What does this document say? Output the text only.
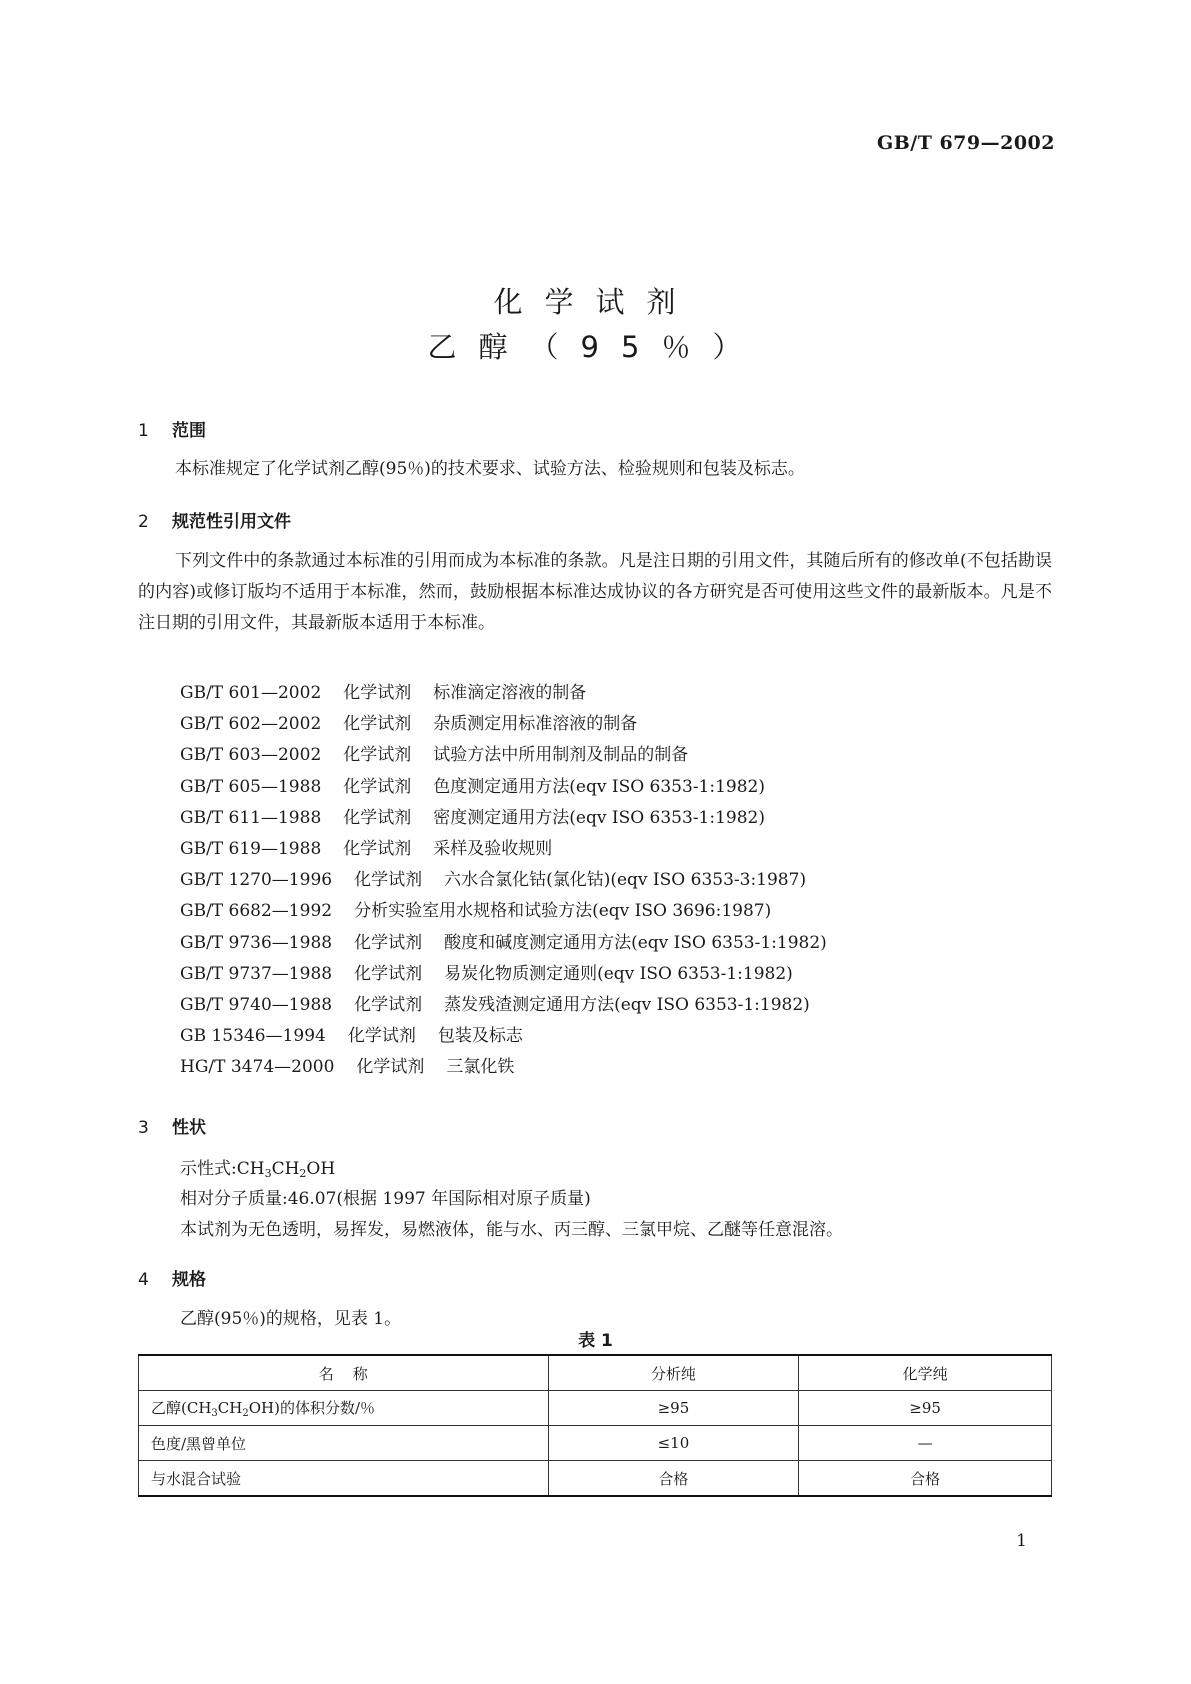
GB/T 679—2002
化学试剂
乙醇（95％）
1 范围

本标准规定了化学试剂乙醇(95％)的技术要求、试验方法、检验规则和包装及标志。

2 规范性引用文件

下列文件中的条款通过本标准的引用而成为本标准的条款。凡是注日期的引用文件，其随后所有的修改单(不包括勘误的内容)或修订版均不适用于本标准，然而，鼓励根据本标准达成协议的各方研究是否可使用这些文件的最新版本。凡是不注日期的引用文件，其最新版本适用于本标准。

GB/T 601—2002 化学试剂 标准滴定溶液的制备
GB/T 602—2002 化学试剂 杂质测定用标准溶液的制备
GB/T 603—2002 化学试剂 试验方法中所用制剂及制品的制备
GB/T 605—1988 化学试剂 色度测定通用方法(eqv ISO 6353-1:1982)
GB/T 611—1988 化学试剂 密度测定通用方法(eqv ISO 6353-1:1982)
GB/T 619—1988 化学试剂 采样及验收规则
GB/T 1270—1996 化学试剂 六水合氯化钴(氯化钴)(eqv ISO 6353-3:1987)
GB/T 6682—1992 分析实验室用水规格和试验方法(eqv ISO 3696:1987)
GB/T 9736—1988 化学试剂 酸度和碱度测定通用方法(eqv ISO 6353-1:1982)
GB/T 9737—1988 化学试剂 易炭化物质测定通则(eqv ISO 6353-1:1982)
GB/T 9740—1988 化学试剂 蒸发残渣测定通用方法(eqv ISO 6353-1:1982)
GB 15346—1994 化学试剂 包装及标志
HG/T 3474—2000 化学试剂 三氯化铁
3 性状
示性式$:CH_3CH_2OH$
相对分子质量:46.07(根据 1997 年国际相对原子质量)
本试剂为无色透明，易挥发，易燃液体，能与水、丙三醇、三氯甲烷、乙醚等任意混溶。
4 规格
乙醇(95％)的规格，见表 1。
表 1
名    称	分析纯	化学纯
乙醇$(CH_3CH_2OH)$的体积分数/％	≥95	≥95
色度/黑曾单位	≤10	—
与水混合试验	合格	合格
1
